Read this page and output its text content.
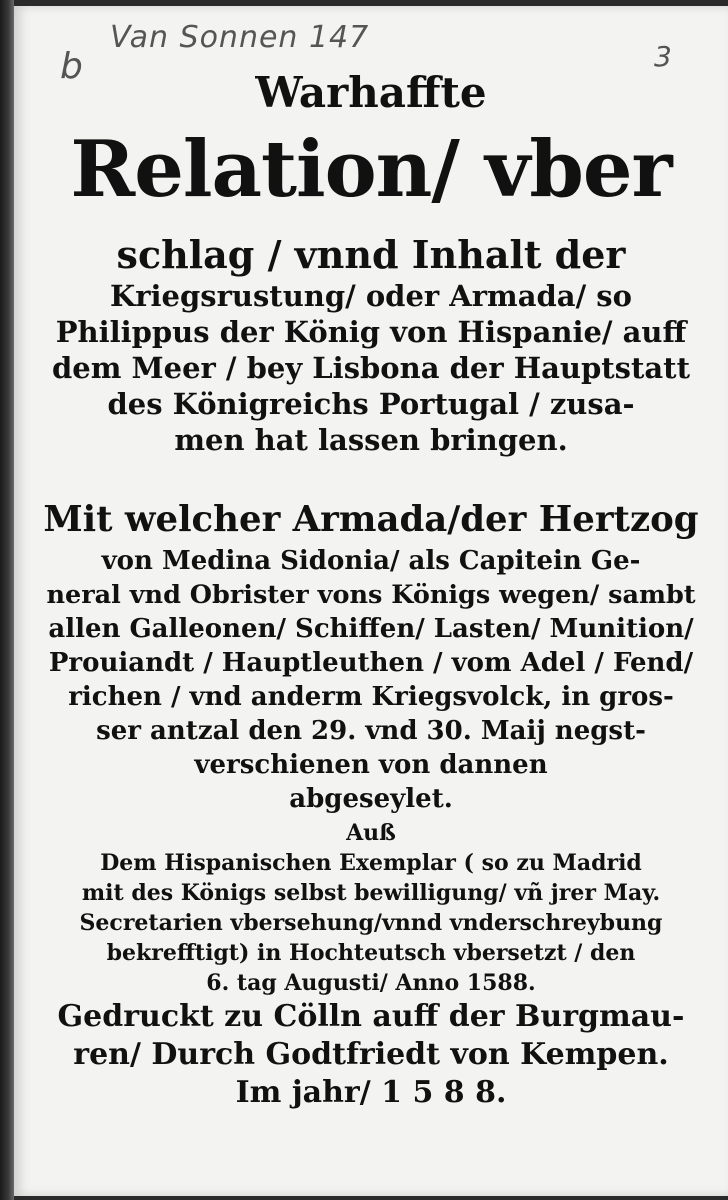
b
Van Sonnen 147
3
Warhaffte
Relation/ vber
schlag / vnnd Inhalt der
Kriegsrustung/ oder Armada/ so
Philippus der König von Hispanie/ auff
dem Meer / bey Lisbona der Hauptstatt
des Königreichs Portugal / zusa-
men hat lassen bringen.
Mit welcher Armada/der Hertzog
von Medina Sidonia/ als Capitein Ge-
neral vnd Obrister vons Königs wegen/ sambt
allen Galleonen/ Schiffen/ Lasten/ Munition/
Prouiandt / Hauptleuthen / vom Adel / Fend/
richen / vnd anderm Kriegsvolck, in gros-
ser antzal den 29. vnd 30. Maij negst-
verschienen von dannen
abgeseylet.
Auß
Dem Hispanischen Exemplar ( so zu Madrid
mit des Königs selbst bewilligung/ vñ jrer May.
Secretarien vbersehung/vnnd vnderschreybung
bekrefftigt) in Hochteutsch vbersetzt / den
6. tag Augusti/ Anno 1588.
Gedruckt zu Cölln auff der Burgmau-
ren/ Durch Godtfriedt von Kempen.
Im jahr/ 1 5 8 8.
